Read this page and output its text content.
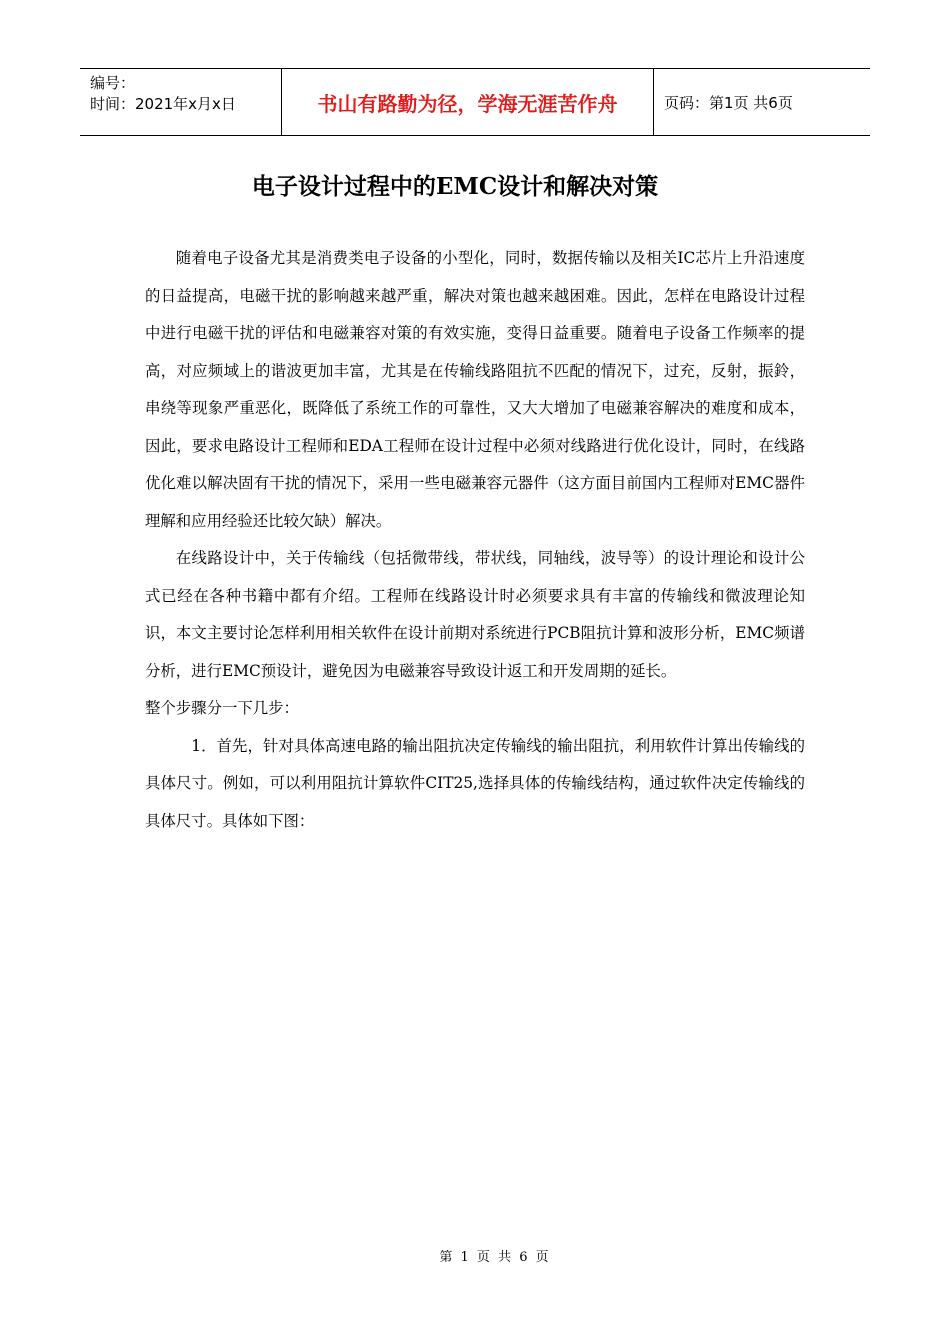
编号：
时间：2021年x月x日	书山有路勤为径，学海无涯苦作舟	页码：第1页 共6页
电子设计过程中的EMC设计和解决对策

随着电子设备尤其是消费类电子设备的小型化，同时，数据传输以及相关IC芯片上升沿速度的日益提高，电磁干扰的影响越来越严重，解决对策也越来越困难。因此，怎样在电路设计过程中进行电磁干扰的评估和电磁兼容对策的有效实施，变得日益重要。随着电子设备工作频率的提高，对应频域上的谐波更加丰富，尤其是在传输线路阻抗不匹配的情况下，过充，反射，振鈴，串绕等现象严重恶化，既降低了系统工作的可靠性，又大大增加了电磁兼容解决的难度和成本，因此，要求电路设计工程师和EDA工程师在设计过程中必须对线路进行优化设计，同时，在线路优化难以解决固有干扰的情况下，采用一些电磁兼容元器件（这方面目前国内工程师对EMC器件理解和应用经验还比较欠缺）解决。

在线路设计中，关于传输线（包括微带线，带状线，同轴线，波导等）的设计理论和设计公式已经在各种书籍中都有介绍。工程师在线路设计时必须要求具有丰富的传输线和微波理论知识，本文主要讨论怎样利用相关软件在设计前期对系统进行PCB阻抗计算和波形分析，EMC频谱分析，进行EMC预设计，避免因为电磁兼容导致设计返工和开发周期的延长。

整个步骤分一下几步：

1．首先，针对具体高速电路的输出阻抗决定传输线的输出阻抗，利用软件计算出传输线的具体尺寸。例如，可以利用阻抗计算软件CIT25,选择具体的传输线结构，通过软件决定传输线的具体尺寸。具体如下图：

第 1 页 共 6 页
